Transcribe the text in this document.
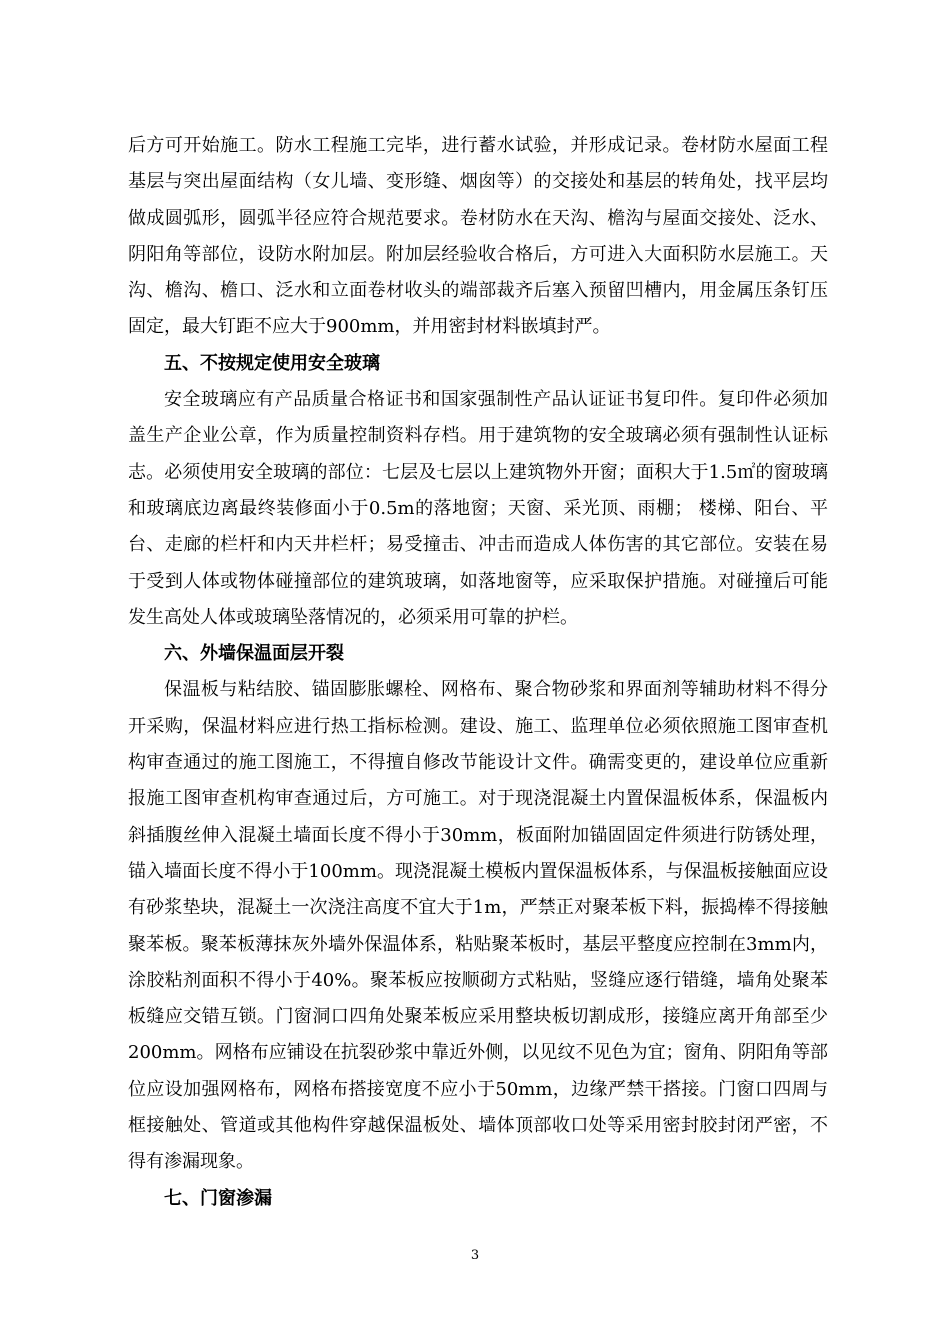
后方可开始施工。防水工程施工完毕，进行蓄水试验，并形成记录。卷材防水屋面工程基层与突出屋面结构（女儿墙、变形缝、烟囱等）的交接处和基层的转角处，找平层均做成圆弧形，圆弧半径应符合规范要求。卷材防水在天沟、檐沟与屋面交接处、泛水、阴阳角等部位，设防水附加层。附加层经验收合格后，方可进入大面积防水层施工。天沟、檐沟、檐口、泛水和立面卷材收头的端部裁齐后塞入预留凹槽内，用金属压条钉压固定，最大钉距不应大于900mm，并用密封材料嵌填封严。

五、不按规定使用安全玻璃

安全玻璃应有产品质量合格证书和国家强制性产品认证证书复印件。复印件必须加盖生产企业公章，作为质量控制资料存档。用于建筑物的安全玻璃必须有强制性认证标志。必须使用安全玻璃的部位：七层及七层以上建筑物外开窗；面积大于1.5㎡的窗玻璃和玻璃底边离最终装修面小于0.5m的落地窗；天窗、采光顶、雨棚； 楼梯、阳台、平台、走廊的栏杆和内天井栏杆；易受撞击、冲击而造成人体伤害的其它部位。安装在易于受到人体或物体碰撞部位的建筑玻璃，如落地窗等，应采取保护措施。对碰撞后可能发生高处人体或玻璃坠落情况的，必须采用可靠的护栏。

六、外墙保温面层开裂

保温板与粘结胶、锚固膨胀螺栓、网格布、聚合物砂浆和界面剂等辅助材料不得分开采购，保温材料应进行热工指标检测。建设、施工、监理单位必须依照施工图审查机构审查通过的施工图施工，不得擅自修改节能设计文件。确需变更的，建设单位应重新报施工图审查机构审查通过后，方可施工。对于现浇混凝土内置保温板体系，保温板内斜插腹丝伸入混凝土墙面长度不得小于30mm，板面附加锚固固定件须进行防锈处理，锚入墙面长度不得小于100mm。现浇混凝土模板内置保温板体系，与保温板接触面应设有砂浆垫块，混凝土一次浇注高度不宜大于1m，严禁正对聚苯板下料，振捣棒不得接触聚苯板。聚苯板薄抹灰外墙外保温体系，粘贴聚苯板时，基层平整度应控制在3mm内，涂胶粘剂面积不得小于40%。聚苯板应按顺砌方式粘贴，竖缝应逐行错缝，墙角处聚苯板缝应交错互锁。门窗洞口四角处聚苯板应采用整块板切割成形，接缝应离开角部至少200mm。网格布应铺设在抗裂砂浆中靠近外侧，以见纹不见色为宜；窗角、阴阳角等部位应设加强网格布，网格布搭接宽度不应小于50mm，边缘严禁干搭接。门窗口四周与框接触处、管道或其他构件穿越保温板处、墙体顶部收口处等采用密封胶封闭严密，不得有渗漏现象。

七、门窗渗漏

3
